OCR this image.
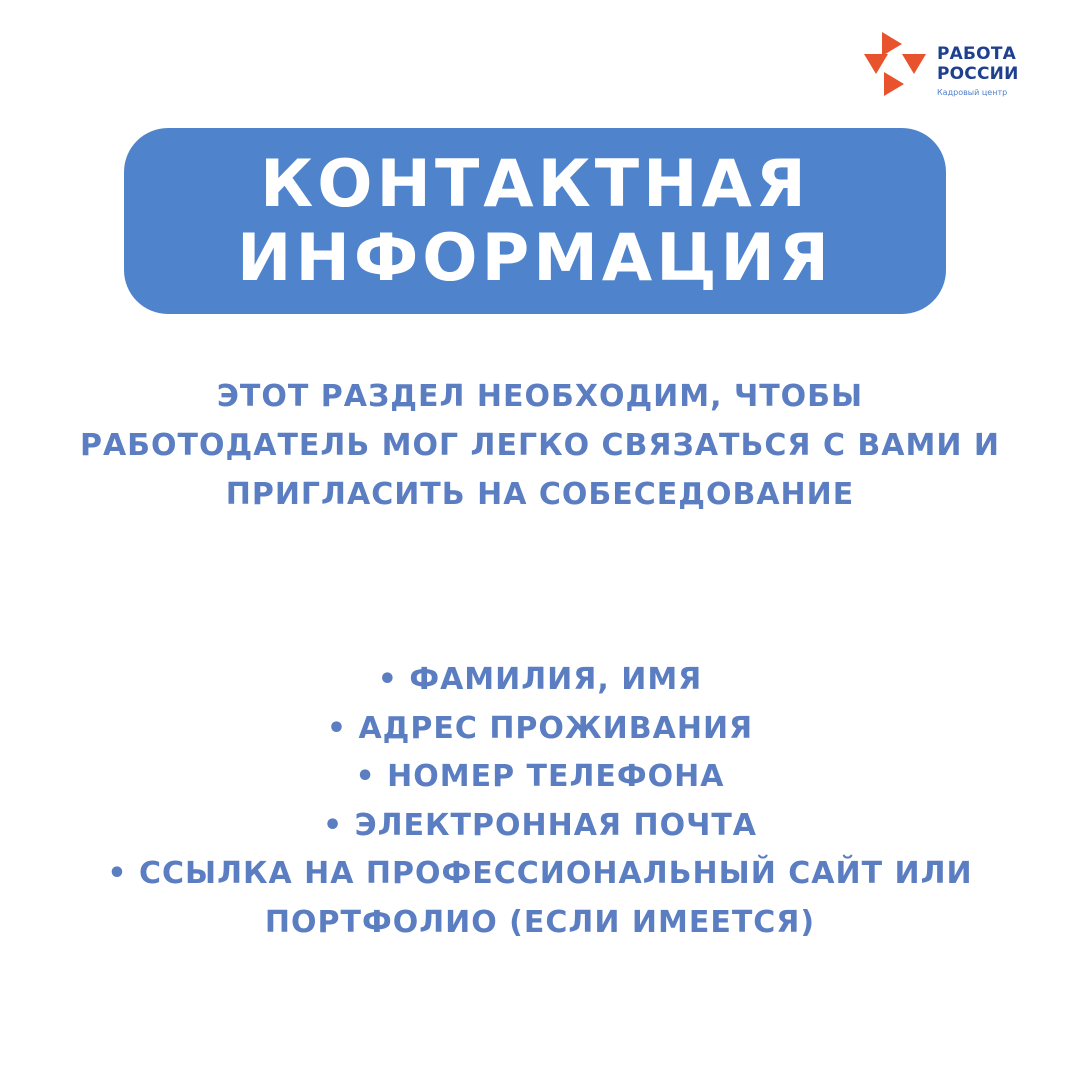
РАБОТА
РОССИИ
Кадровый центр
КОНТАКТНАЯ
ИНФОРМАЦИЯ
ЭТОТ РАЗДЕЛ НЕОБХОДИМ, ЧТОБЫ
РАБОТОДАТЕЛЬ МОГ ЛЕГКО СВЯЗАТЬСЯ С ВАМИ И
ПРИГЛАСИТЬ НА СОБЕСЕДОВАНИЕ
• ФАМИЛИЯ, ИМЯ
• АДРЕС ПРОЖИВАНИЯ
• НОМЕР ТЕЛЕФОНА
• ЭЛЕКТРОННАЯ ПОЧТА
• ССЫЛКА НА ПРОФЕССИОНАЛЬНЫЙ САЙТ ИЛИ
ПОРТФОЛИО (ЕСЛИ ИМЕЕТСЯ)
